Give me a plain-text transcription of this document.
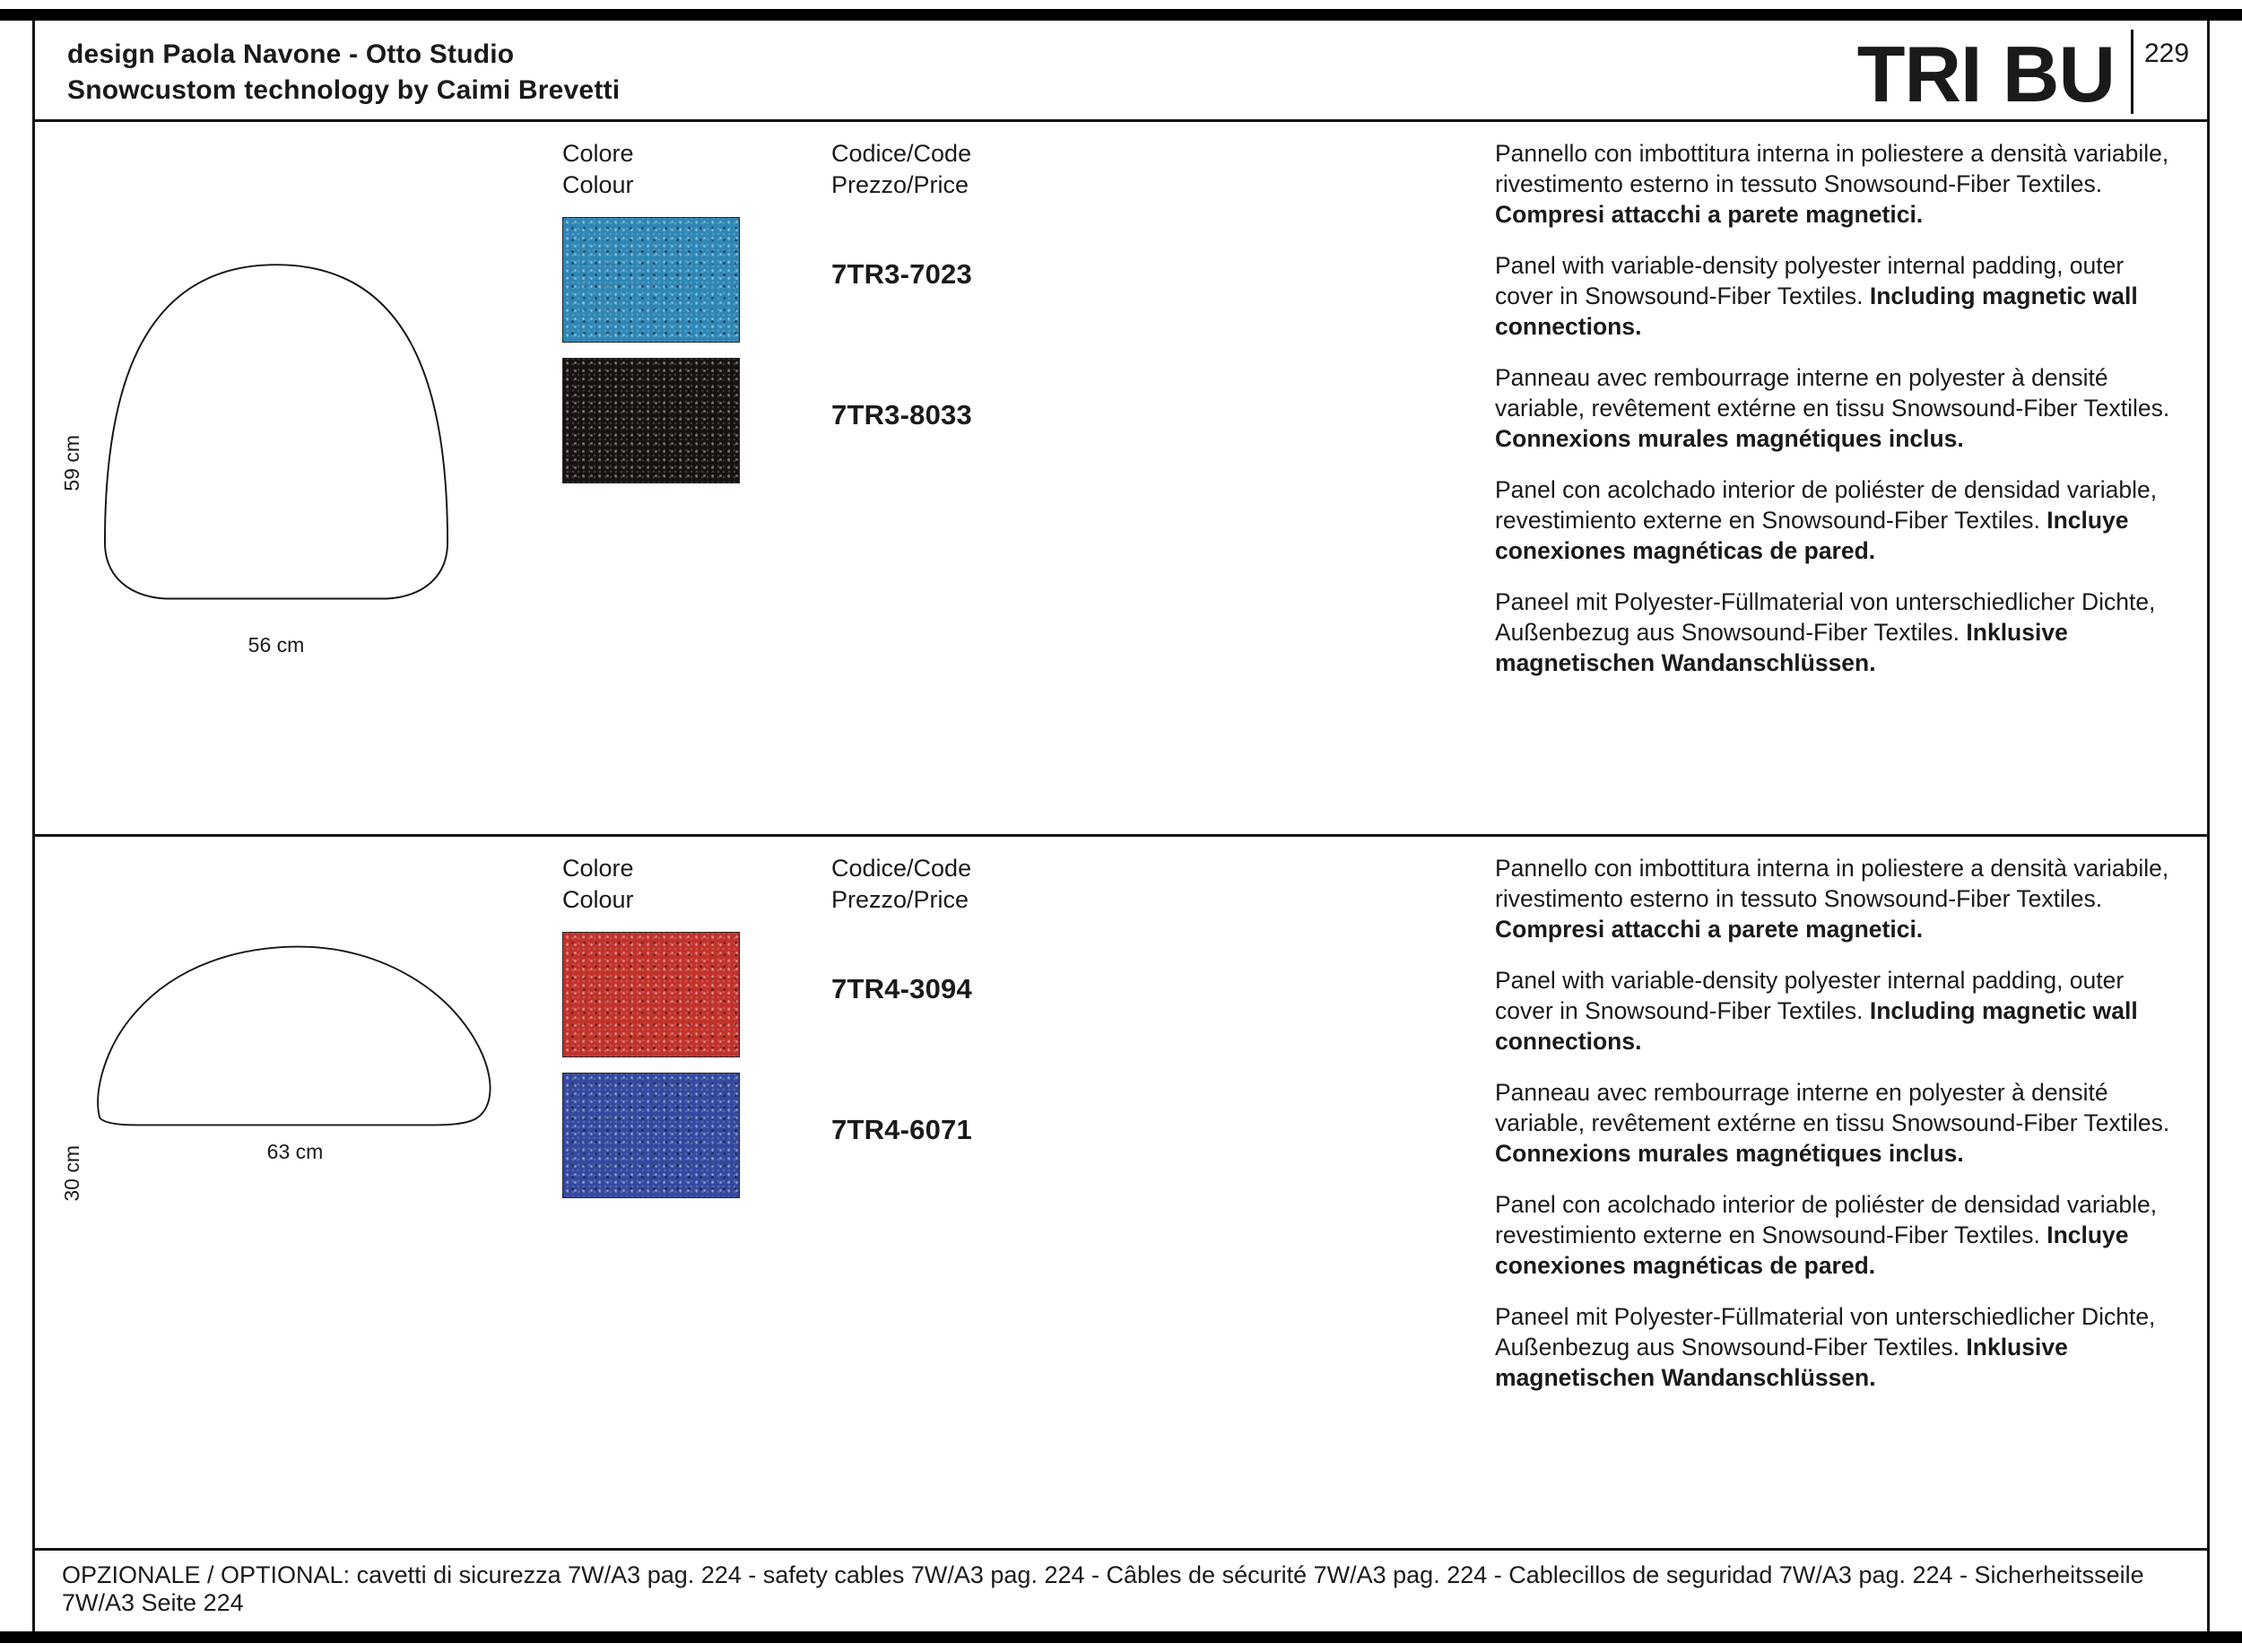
design Paola Navone - Otto Studio
Snowcustom technology by Caimi Brevetti	TRI BU	229
59 cm
56 cm
Colore
Colour
Codice/Code
Prezzo/Price
7TR3-7023
7TR3-8033

Pannello con imbottitura interna in poliestere a densità variabile, rivestimento esterno in tessuto Snowsound-Fiber Textiles. Compresi attacchi a parete magnetici.

Panel with variable-density polyester internal padding, outer cover in Snowsound-Fiber Textiles. Including magnetic wall connections.

Panneau avec rembourrage interne en polyester à densité variable, revêtement extérne en tissu Snowsound-Fiber Textiles. Connexions murales magnétiques inclus.

Panel con acolchado interior de poliéster de densidad variable, revestimiento externe en Snowsound-Fiber Textiles. Incluye conexiones magnéticas de pared.

Paneel mit Polyester-Füllmaterial von unterschiedlicher Dichte, Außenbezug aus Snowsound-Fiber Textiles. Inklusive magnetischen Wandanschlüssen.

30 cm	63 cm
Colore
Colour
Codice/Code
Prezzo/Price
7TR4-3094
7TR4-6071

Pannello con imbottitura interna in poliestere a densità variabile, rivestimento esterno in tessuto Snowsound-Fiber Textiles. Compresi attacchi a parete magnetici.

Panel with variable-density polyester internal padding, outer cover in Snowsound-Fiber Textiles. Including magnetic wall connections.

Panneau avec rembourrage interne en polyester à densité variable, revêtement extérne en tissu Snowsound-Fiber Textiles. Connexions murales magnétiques inclus.

Panel con acolchado interior de poliéster de densidad variable, revestimiento externe en Snowsound-Fiber Textiles. Incluye conexiones magnéticas de pared.

Paneel mit Polyester-Füllmaterial von unterschiedlicher Dichte, Außenbezug aus Snowsound-Fiber Textiles. Inklusive magnetischen Wandanschlüssen.

OPZIONALE / OPTIONAL: cavetti di sicurezza 7W/A3 pag. 224 - safety cables 7W/A3 pag. 224 - Câbles de sécurité 7W/A3 pag. 224 - Cablecillos de seguridad 7W/A3 pag. 224 - Sicherheitsseile 7W/A3 Seite 224
